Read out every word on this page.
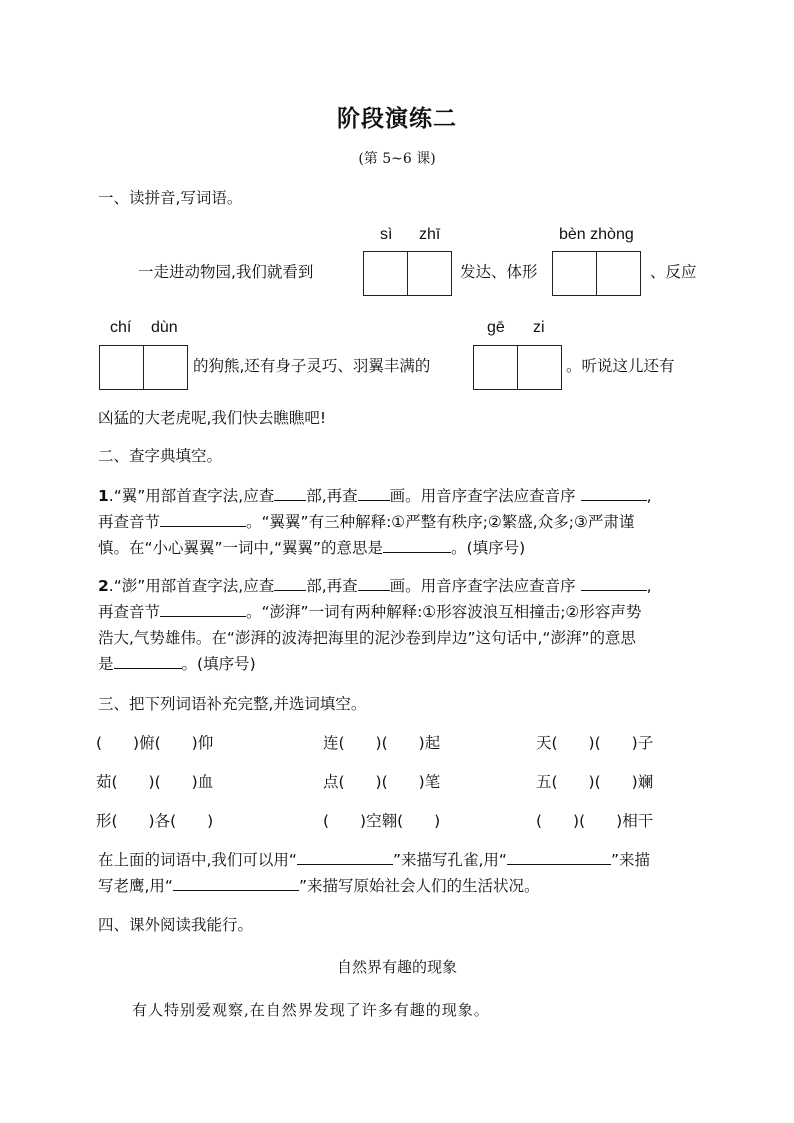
阶段演练二
(第 5~6 课)
一、读拼音,写词语。
sì zhī	bèn zhòng
一走进动物园,我们就看到	发达、体形	、反应
chí dùn	gē zi
的狗熊,还有身子灵巧、羽翼丰满的	。听说这儿还有
凶猛的大老虎呢,我们快去瞧瞧吧!
二、查字典填空。
1.“翼”用部首查字法,应查 部,再查 画。用音序查字法应查音序	,
再查音节	。“翼翼”有三种解释:①严整有秩序;②繁盛,众多;③严肃谨
慎。在“小心翼翼”一词中,“翼翼”的意思是	。(填序号)
2.“澎”用部首查字法,应查 部,再查 画。用音序查字法应查音序	,
再查音节	。“澎湃”一词有两种解释:①形容波浪互相撞击;②形容声势
浩大,气势雄伟。在“澎湃的波涛把海里的泥沙卷到岸边”这句话中,“澎湃”的意思
是	。(填序号)
三、把下列词语补充完整,并选词填空。
(　　)俯(　　)仰	连(　　)(　　)起	天(　　)(　　)子
茹(　　)(　　)血	点(　　)(　　)笔	五(　　)(　　)斓
形(　　)各(　　)	(　　)空翱(　　)	(　　)(　　)相干
在上面的词语中,我们可以用“	”来描写孔雀,用“	”来描
写老鹰,用“	”来描写原始社会人们的生活状况。
四、课外阅读我能行。
自然界有趣的现象
有人特别爱观察,在自然界发现了许多有趣的现象。
